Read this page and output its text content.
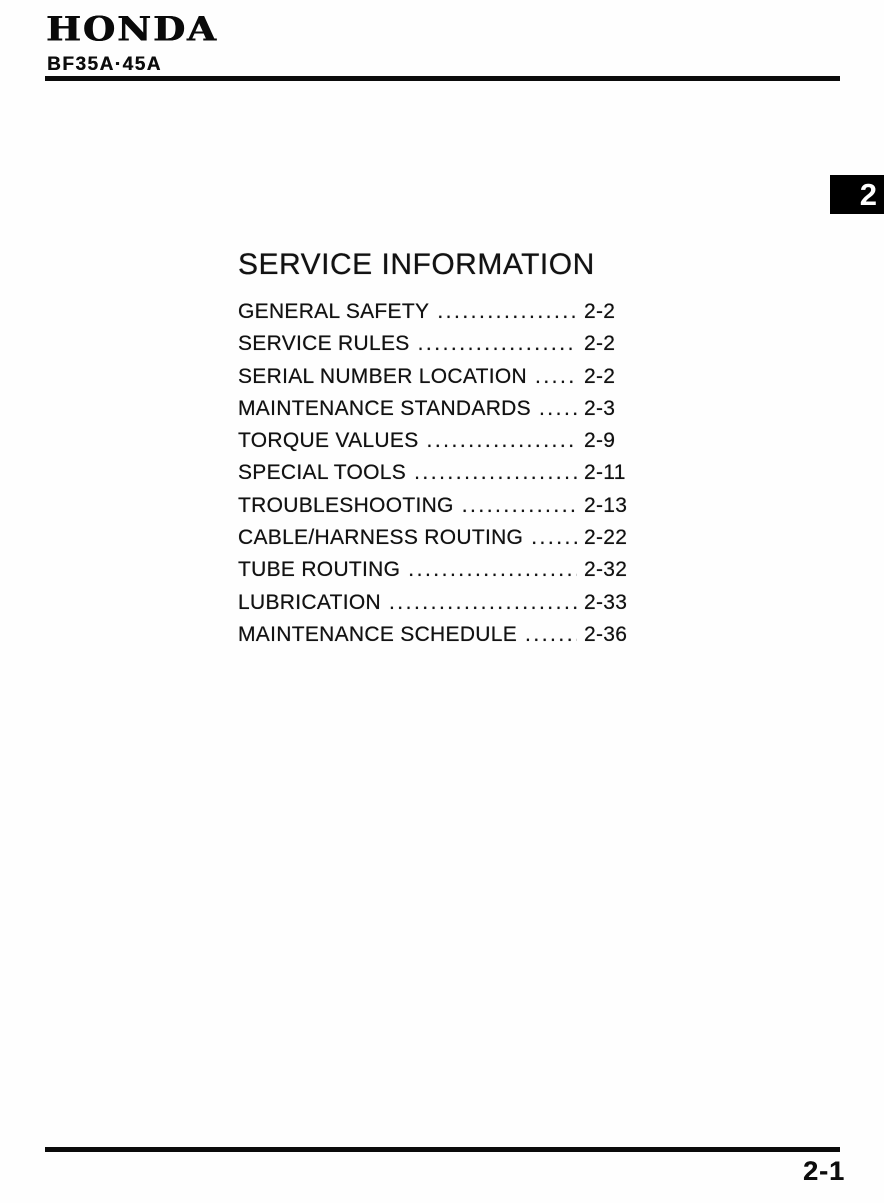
HONDA
BF35A·45A
2
SERVICE INFORMATION
GENERAL SAFETY .....	2-2
SERVICE RULES .....	2-2
SERIAL NUMBER LOCATION .....	2-2
MAINTENANCE STANDARDS .....	2-3
TORQUE VALUES .....	2-9
SPECIAL TOOLS .....	2-11
TROUBLESHOOTING .....	2-13
CABLE/HARNESS ROUTING .....	2-22
TUBE ROUTING .....	2-32
LUBRICATION .....	2-33
MAINTENANCE SCHEDULE .....	2-36
2-1
